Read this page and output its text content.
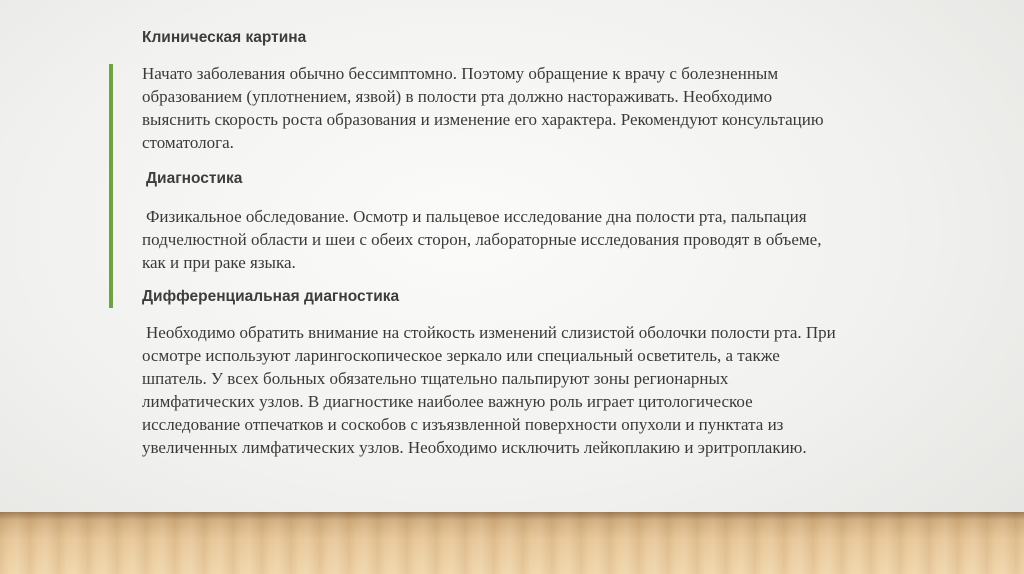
Клиническая картина

Начато заболевания обычно бессимптомно. Поэтому обращение к врачу с болезненным образованием (уплотнением, язвой) в полости рта должно настораживать. Необходимо выяснить скорость роста образования и изменение его характера. Рекомендуют консультацию стоматолога.

Диагностика

Физикальное обследование. Осмотр и пальцевое исследование дна полости рта, пальпация подчелюстной области и шеи с обеих сторон, лабораторные исследования проводят в объеме, как и при раке языка.

Дифференциальная диагностика

Необходимо обратить внимание на стойкость изменений слизистой оболочки полости рта. При осмотре используют ларингоскопическое зеркало или специальный осветитель, а также шпатель. У всех больных обязательно тщательно пальпируют зоны регионарных лимфатических узлов. В диагностике наиболее важную роль играет цитологическое исследование отпечатков и соскобов с изъязвленной поверхности опухоли и пунктата из увеличенных лимфатических узлов. Необходимо исключить лейкоплакию и эритроплакию.
